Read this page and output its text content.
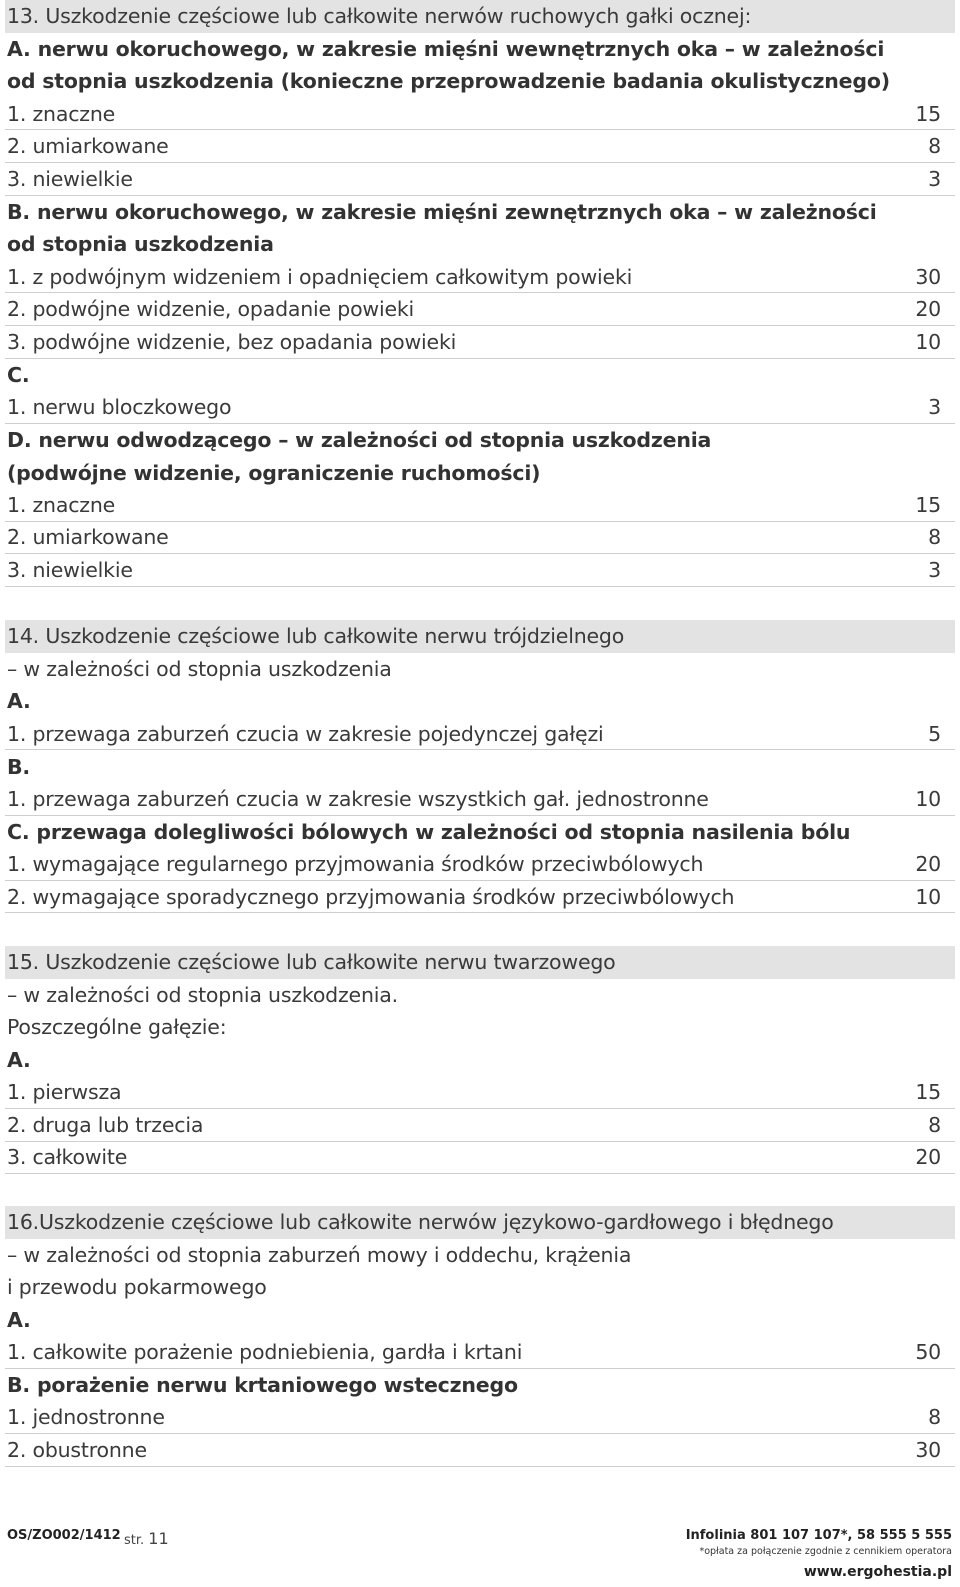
13. Uszkodzenie częściowe lub całkowite nerwów ruchowych gałki ocznej:
A. nerwu okoruchowego, w zakresie mięśni wewnętrznych oka – w zależności
od stopnia uszkodzenia (konieczne przeprowadzenie badania okulistycznego)
1. znaczne	15
2. umiarkowane	8
3. niewielkie	3
B. nerwu okoruchowego, w zakresie mięśni zewnętrznych oka – w zależności
od stopnia uszkodzenia
1. z podwójnym widzeniem i opadnięciem całkowitym powieki	30
2. podwójne widzenie, opadanie powieki	20
3. podwójne widzenie, bez opadania powieki	10
C.
1. nerwu bloczkowego	3
D. nerwu odwodzącego – w zależności od stopnia uszkodzenia
(podwójne widzenie, ograniczenie ruchomości)
1. znaczne	15
2. umiarkowane	8
3. niewielkie	3
14. Uszkodzenie częściowe lub całkowite nerwu trójdzielnego
– w zależności od stopnia uszkodzenia
A.
1. przewaga zaburzeń czucia w zakresie pojedynczej gałęzi	5
B.
1. przewaga zaburzeń czucia w zakresie wszystkich gał. jednostronne	10
C. przewaga dolegliwości bólowych w zależności od stopnia nasilenia bólu
1. wymagające regularnego przyjmowania środków przeciwbólowych	20
2. wymagające sporadycznego przyjmowania środków przeciwbólowych	10
15. Uszkodzenie częściowe lub całkowite nerwu twarzowego
– w zależności od stopnia uszkodzenia.
Poszczególne gałęzie:
A.
1. pierwsza	15
2. druga lub trzecia	8
3. całkowite	20
16.Uszkodzenie częściowe lub całkowite nerwów językowo-gardłowego i błędnego
– w zależności od stopnia zaburzeń mowy i oddechu, krążenia
i przewodu pokarmowego
A.
1. całkowite porażenie podniebienia, gardła i krtani	50
B. porażenie nerwu krtaniowego wstecznego
1. jednostronne	8
2. obustronne	30
OS/ZO002/1412 str. 11	Infolinia 801 107 107*, 58 555 5 555
*opłata za połączenie zgodnie z cennikiem operatora
www.ergohestia.pl
